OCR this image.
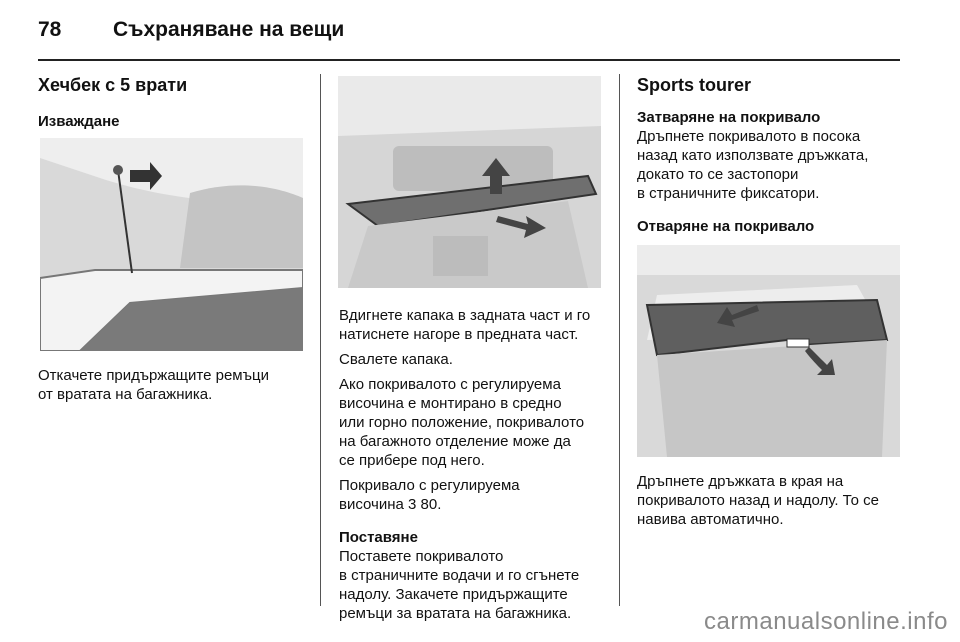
78 Съхраняване на вещи
Хечбек с 5 врати
Изваждане

Откачете придържащите ремъци
от вратата на багажника.

Вдигнете капака в задната част и го
натиснете нагоре в предната част.

Свалете капака.

Ако покривалото с регулируема
височина е монтирано в средно
или горно положение, покривалото
на багажното отделение може да
се прибере под него.

Покривало с регулируема
височина 3 80.

Поставяне

Поставете покривалото
в страничните водачи и го сгънете
надолу. Закачете придържащите
ремъци за вратата на багажника.

Sports tourer
Затваряне на покривало

Дръпнете покривалото в посока
назад като използвате дръжката,
докато то се застопори
в страничните фиксатори.

Отваряне на покривало

Дръпнете дръжката в края на
покривалото назад и надолу. То се
навива автоматично.

carmanualsonline.info
